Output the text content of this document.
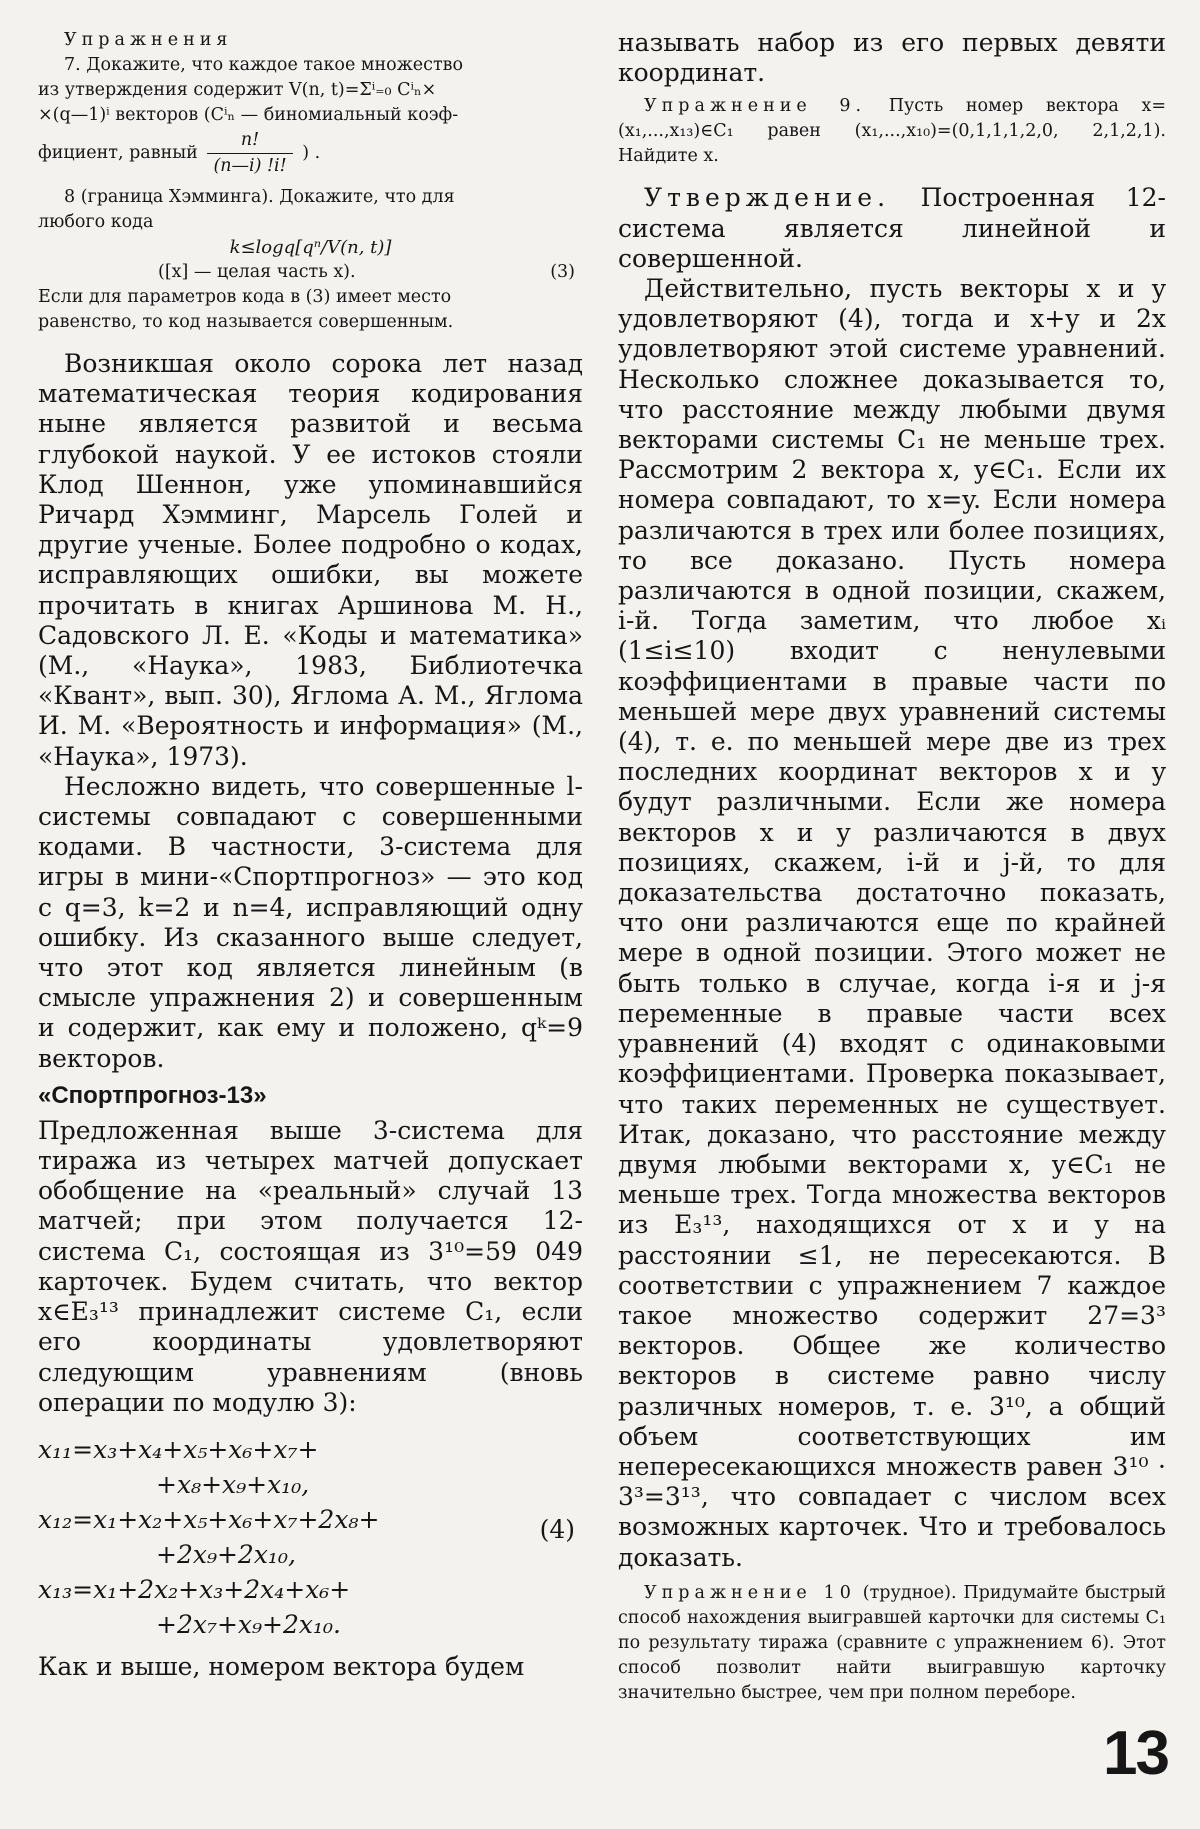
Упражнения
7. Докажите, что каждое такое множество
из утверждения содержит V(n, t)=Σⁱ₌₀ Cⁱₙ×
×(q—1)ⁱ векторов (Cⁱₙ — биномиальный коэф-
фициент, равный $\frac{n!}{(n—i) !i!}$ ) .
8 (граница Хэмминга). Докажите, что для
любого кода
k≤logq[qⁿ/V(n, t)]
([x] — целая часть x).	(3)
Если для параметров кода в (3) имеет место
равенство, то код называется совершенным.

Возникшая около сорока лет назад математическая теория кодирования ныне является развитой и весьма глубокой наукой. У ее истоков стояли Клод Шеннон, уже упоминавшийся Ричард Хэмминг, Марсель Голей и другие ученые. Более подробно о кодах, исправляющих ошибки, вы можете прочитать в книгах Аршинова М. Н., Садовского Л. Е. «Коды и математика» (М., «Наука», 1983, Библиотечка «Квант», вып. 30), Яглома А. М., Яглома И. М. «Вероятность и информация» (М., «Наука», 1973).

Несложно видеть, что совершенные l-системы совпадают с совершенными кодами. В частности, 3-система для игры в мини-«Спортпрогноз» — это код с q=3, k=2 и n=4, исправляющий одну ошибку. Из сказанного выше следует, что этот код является линейным (в смысле упражнения 2) и совершенным и содержит, как ему и положено, qᵏ=9 векторов.

«Спортпрогноз-13»

Предложенная выше 3-система для тиража из четырех матчей допускает обобщение на «реальный» случай 13 матчей; при этом получается 12-система C₁, состоящая из 3¹⁰=59 049 карточек. Будем считать, что вектор x∈E₃¹³ принадлежит системе C₁, если его координаты удовлетворяют следующим уравнениям (вновь операции по модулю 3):

x₁₁=x₃+x₄+x₅+x₆+x₇+
+x₈+x₉+x₁₀,
x₁₂=x₁+x₂+x₅+x₆+x₇+2x₈+
+2x₉+2x₁₀,
x₁₃=x₁+2x₂+x₃+2x₄+x₆+
+2x₇+x₉+2x₁₀.
(4)

Как и выше, номером вектора будем

называть набор из его первых девяти координат.

Упражнение 9. Пусть номер вектора x=(x₁,...,x₁₃)∈C₁ равен (x₁,...,x₁₀)=(0,1,1,1,2,0, 2,1,2,1). Найдите x.

Утверждение. Построенная 12-система является линейной и совершенной.

Действительно, пусть векторы x и y удовлетворяют (4), тогда и x+y и 2x удовлетворяют этой системе уравнений. Несколько сложнее доказывается то, что расстояние между любыми двумя векторами системы C₁ не меньше трех. Рассмотрим 2 вектора x, y∈C₁. Если их номера совпадают, то x=y. Если номера различаются в трех или более позициях, то все доказано. Пусть номера различаются в одной позиции, скажем, i-й. Тогда заметим, что любое xᵢ (1≤i≤10) входит с ненулевыми коэффициентами в правые части по меньшей мере двух уравнений системы (4), т. е. по меньшей мере две из трех последних координат векторов x и y будут различными. Если же номера векторов x и y различаются в двух позициях, скажем, i-й и j-й, то для доказательства достаточно показать, что они различаются еще по крайней мере в одной позиции. Этого может не быть только в случае, когда i-я и j-я переменные в правые части всех уравнений (4) входят с одинаковыми коэффициентами. Проверка показывает, что таких переменных не существует. Итак, доказано, что расстояние между двумя любыми векторами x, y∈C₁ не меньше трех. Тогда множества векторов из E₃¹³, находящихся от x и y на расстоянии ≤1, не пересекаются. В соответствии с упражнением 7 каждое такое множество содержит 27=3³ векторов. Общее же количество векторов в системе равно числу различных номеров, т. е. 3¹⁰, а общий объем соответствующих им непересекающихся множеств равен 3¹⁰ · 3³=3¹³, что совпадает с числом всех возможных карточек. Что и требовалось доказать.

Упражнение 10 (трудное). Придумайте быстрый способ нахождения выигравшей карточки для системы C₁ по результату тиража (сравните с упражнением 6). Этот способ позволит найти выигравшую карточку значительно быстрее, чем при полном переборе.

13
